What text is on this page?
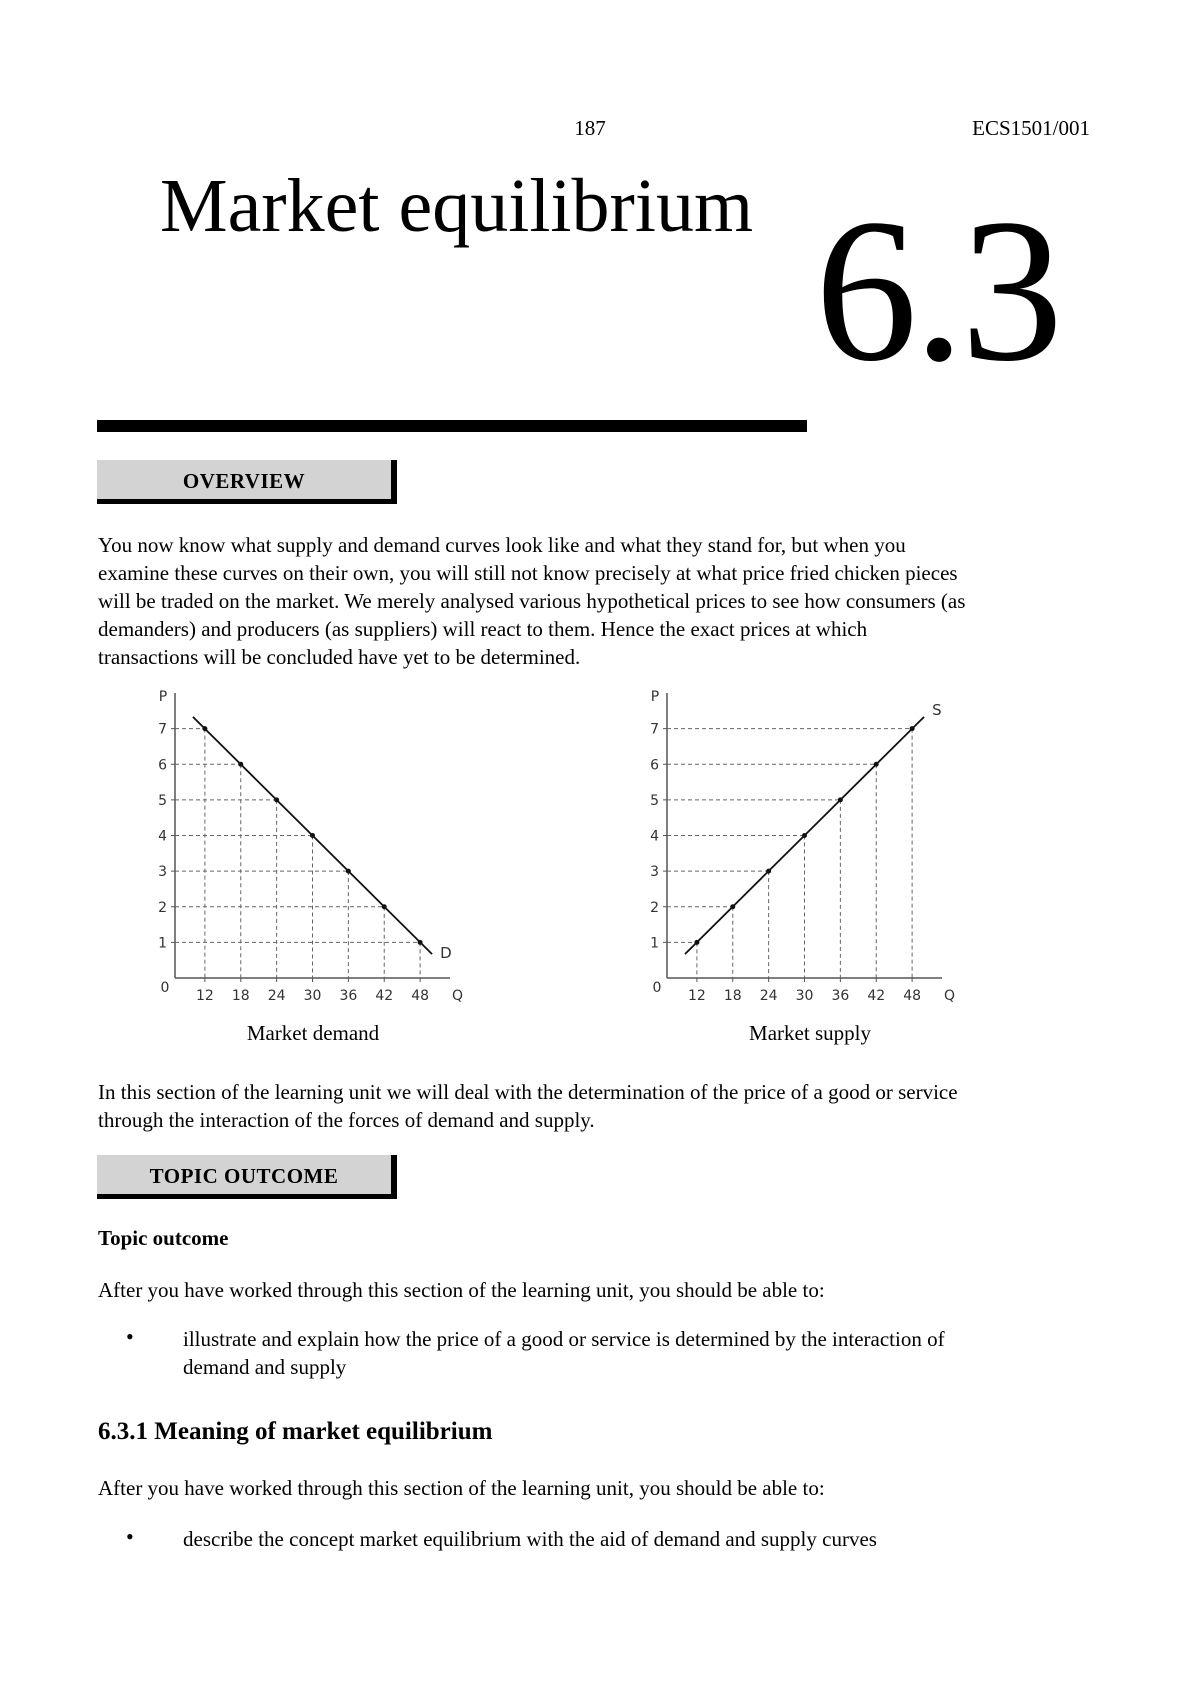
187	ECS1501/001
Market equilibrium 6.3
OVERVIEW
You now know what supply and demand curves look like and what they stand for, but when you
examine these curves on their own, you will still not know precisely at what price fried chicken pieces
will be traded on the market. We merely analysed various hypothetical prices to see how consumers (as
demanders) and producers (as suppliers) will react to them. Hence the exact prices at which
transactions will be concluded have yet to be determined.
1
2
3
4
5
6
7
12 18 24 30 36 42 48
P
Q
0
D
1
2
3
4
5
6
7
12 18 24 30 36 42 48
P
Q
0
S
Market demand	Market supply
In this section of the learning unit we will deal with the determination of the price of a good or service
through the interaction of the forces of demand and supply.
TOPIC OUTCOME
Topic outcome
After you have worked through this section of the learning unit, you should be able to:
• illustrate and explain how the price of a good or service is determined by the interaction of
demand and supply
6.3.1 Meaning of market equilibrium
After you have worked through this section of the learning unit, you should be able to:
• describe the concept market equilibrium with the aid of demand and supply curves
